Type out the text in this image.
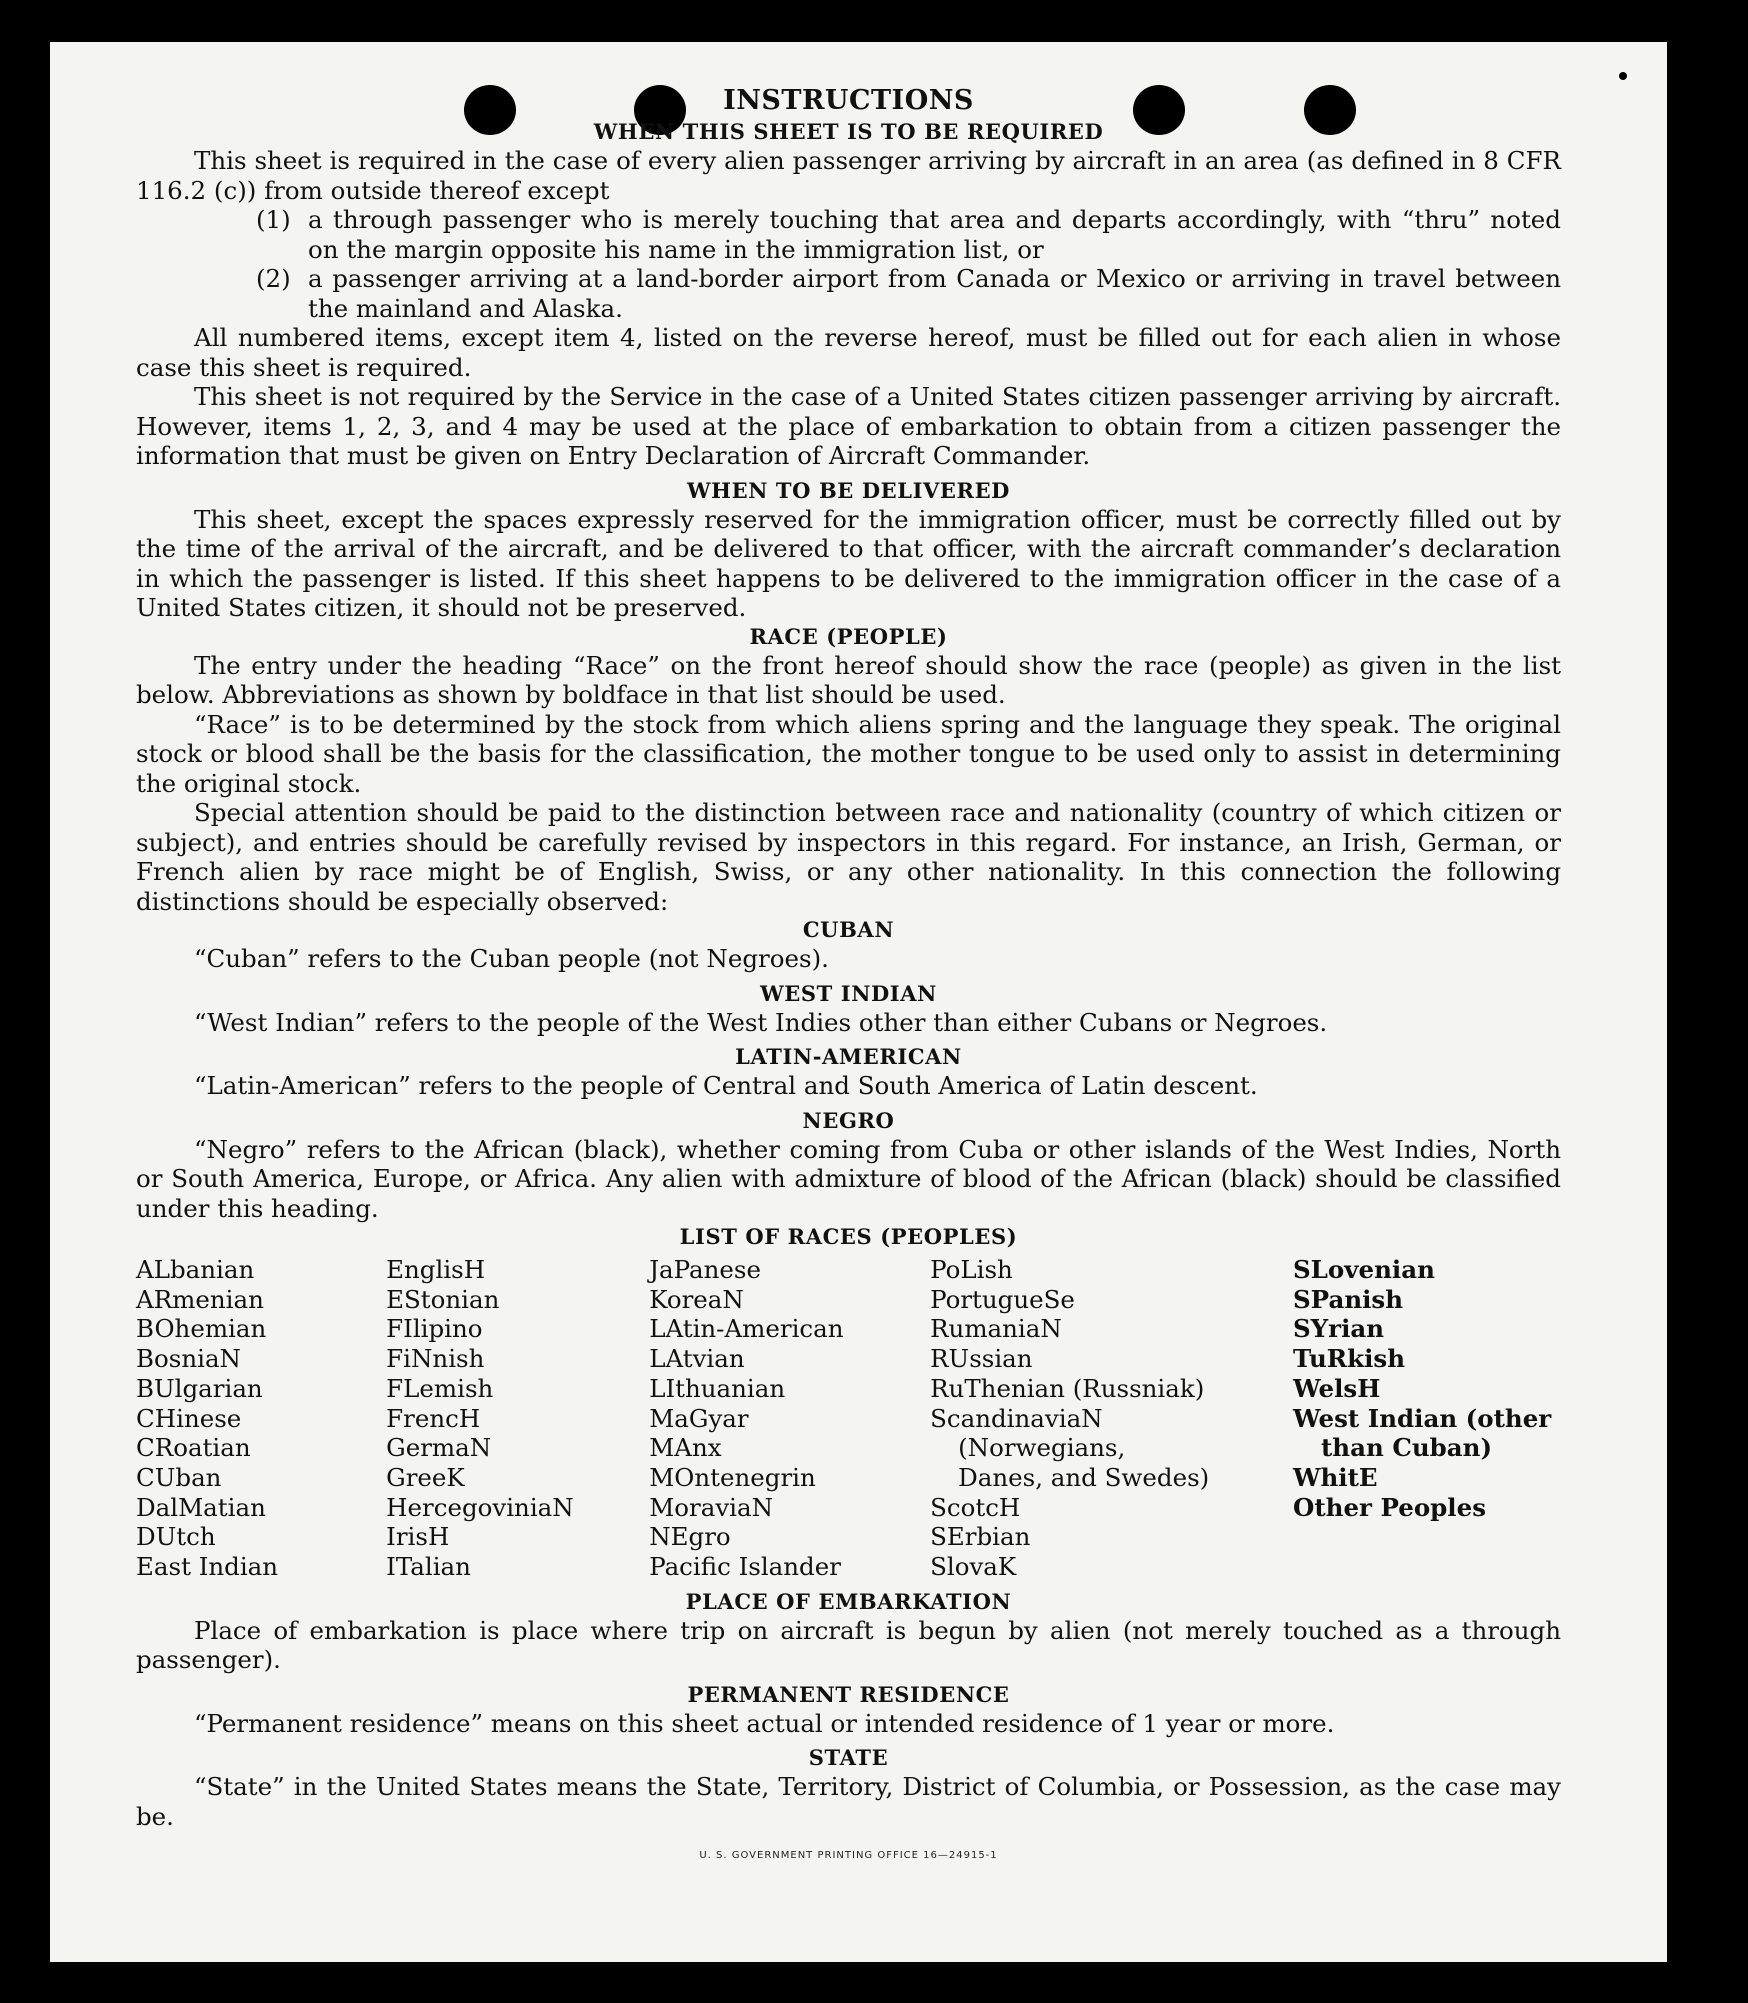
INSTRUCTIONS
WHEN THIS SHEET IS TO BE REQUIRED

This sheet is required in the case of every alien passenger arriving by aircraft in an area (as defined in 8 CFR 116.2 (c)) from outside thereof except

(1) a through passenger who is merely touching that area and departs accordingly, with “thru” noted on the margin opposite his name in the immigration list, or
(2) a passenger arriving at a land-border airport from Canada or Mexico or arriving in travel between the mainland and Alaska.

All numbered items, except item 4, listed on the reverse hereof, must be filled out for each alien in whose case this sheet is required.

This sheet is not required by the Service in the case of a United States citizen passenger arriving by aircraft. However, items 1, 2, 3, and 4 may be used at the place of embarkation to obtain from a citizen passenger the information that must be given on Entry Declaration of Aircraft Commander.

WHEN TO BE DELIVERED

This sheet, except the spaces expressly reserved for the immigration officer, must be correctly filled out by the time of the arrival of the aircraft, and be delivered to that officer, with the aircraft commander’s declaration in which the passenger is listed. If this sheet happens to be delivered to the immigration officer in the case of a United States citizen, it should not be preserved.

RACE (PEOPLE)

The entry under the heading “Race” on the front hereof should show the race (people) as given in the list below. Abbreviations as shown by boldface in that list should be used.

“Race” is to be determined by the stock from which aliens spring and the language they speak. The original stock or blood shall be the basis for the classification, the mother tongue to be used only to assist in determining the original stock.

Special attention should be paid to the distinction between race and nationality (country of which citizen or subject), and entries should be carefully revised by inspectors in this regard. For instance, an Irish, German, or French alien by race might be of English, Swiss, or any other nationality. In this connection the following distinctions should be especially observed:

CUBAN

“Cuban” refers to the Cuban people (not Negroes).

WEST INDIAN

“West Indian” refers to the people of the West Indies other than either Cubans or Negroes.

LATIN-AMERICAN

“Latin-American” refers to the people of Central and South America of Latin descent.

NEGRO

“Negro” refers to the African (black), whether coming from Cuba or other islands of the West Indies, North or South America, Europe, or Africa. Any alien with admixture of blood of the African (black) should be classified under this heading.

LIST OF RACES (PEOPLES)
ALbanian
ARmenian
BOhemian
BosniaN
BUlgarian
CHinese
CRoatian
CUban
DalMatian
DUtch
East Indian
EnglisH
EStonian
FIlipino
FiNnish
FLemish
FrencH
GermaN
GreeK
HercegoviniaN
IrisH
ITalian
JaPanese
KoreaN
LAtin-American
LAtvian
LIthuanian
MaGyar
MAnx
MOntenegrin
MoraviaN
NEgro
Pacific Islander
PoLish
PortugueSe
RumaniaN
RUssian
RuThenian (Russniak)
ScandinaviaN (Norwegians, Danes, and Swedes)
ScotcH
SErbian
SlovaK
SLovenian
SPanish
SYrian
TuRkish
WelsH
West Indian (other than Cuban)
WhitE
Other Peoples
PLACE OF EMBARKATION

Place of embarkation is place where trip on aircraft is begun by alien (not merely touched as a through passenger).

PERMANENT RESIDENCE

“Permanent residence” means on this sheet actual or intended residence of 1 year or more.

STATE

“State” in the United States means the State, Territory, District of Columbia, or Possession, as the case may be.

U. S. GOVERNMENT PRINTING OFFICE 16—24915-1
